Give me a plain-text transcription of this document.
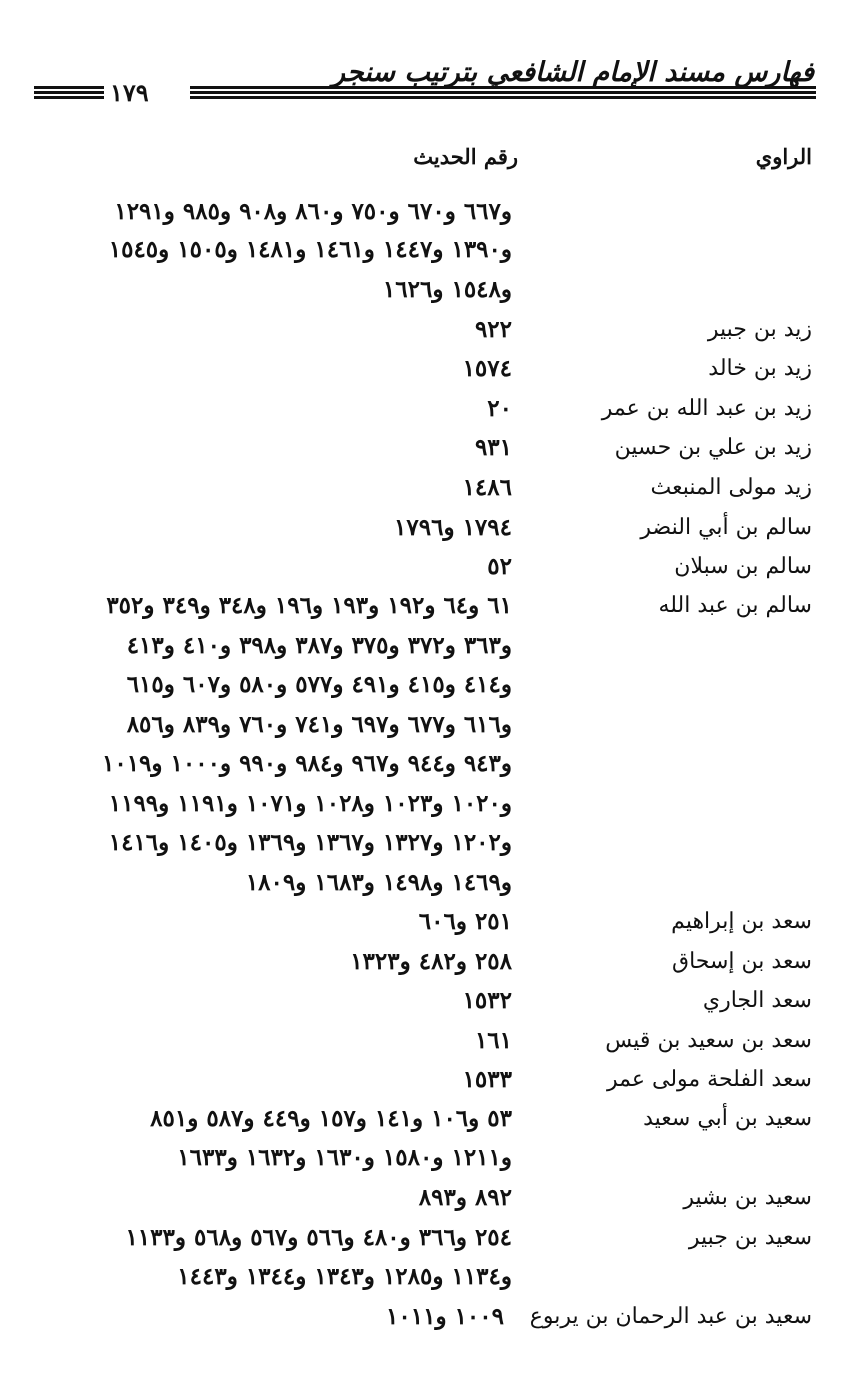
فهارس مسند الإمام الشافعي بترتيب سنجر
١٧٩
الراوي
رقم الحديث
و٦٦٧ و٦٧٠ و٧٥٠ و٨٦٠ و٩٠٨ و٩٨٥ و١٢٩١
و١٣٩٠ و١٤٤٧ و١٤٦١ و١٤٨١ و١٥٠٥ و١٥٤٥
و١٥٤٨ و١٦٢٦
زيد بن جبير
٩٢٢
زيد بن خالد
١٥٧٤
زيد بن عبد الله بن عمر
٢٠
زيد بن علي بن حسين
٩٣١
زيد مولى المنبعث
١٤٨٦
سالم بن أبي النضر
١٧٩٤ و١٧٩٦
سالم بن سبلان
٥٢
سالم بن عبد الله
٦١ و٦٤ و١٩٢ و١٩٣ و١٩٦ و٣٤٨ و٣٤٩ و٣٥٢
و٣٦٣ و٣٧٢ و٣٧٥ و٣٨٧ و٣٩٨ و٤١٠ و٤١٣
و٤١٤ و٤١٥ و٤٩١ و٥٧٧ و٥٨٠ و٦٠٧ و٦١٥
و٦١٦ و٦٧٧ و٦٩٧ و٧٤١ و٧٦٠ و٨٣٩ و٨٥٦
و٩٤٣ و٩٤٤ و٩٦٧ و٩٨٤ و٩٩٠ و١٠٠٠ و١٠١٩
و١٠٢٠ و١٠٢٣ و١٠٢٨ و١٠٧١ و١١٩١ و١١٩٩
و١٢٠٢ و١٣٢٧ و١٣٦٧ و١٣٦٩ و١٤٠٥ و١٤١٦
و١٤٦٩ و١٤٩٨ و١٦٨٣ و١٨٠٩
سعد بن إبراهيم
٢٥١ و٦٠٦
سعد بن إسحاق
٢٥٨ و٤٨٢ و١٣٢٣
سعد الجاري
١٥٣٢
سعد بن سعيد بن قيس
١٦١
سعد الفلحة مولى عمر
١٥٣٣
سعيد بن أبي سعيد
٥٣ و١٠٦ و١٤١ و١٥٧ و٤٤٩ و٥٨٧ و٨٥١
و١٢١١ و١٥٨٠ و١٦٣٠ و١٦٣٢ و١٦٣٣
سعيد بن بشير
٨٩٢ و٨٩٣
سعيد بن جبير
٢٥٤ و٣٦٦ و٤٨٠ و٥٦٦ و٥٦٧ و٥٦٨ و١١٣٣
و١١٣٤ و١٢٨٥ و١٣٤٣ و١٣٤٤ و١٤٤٣
سعيد بن عبد الرحمان بن يربوع
١٠٠٩ و١٠١١
